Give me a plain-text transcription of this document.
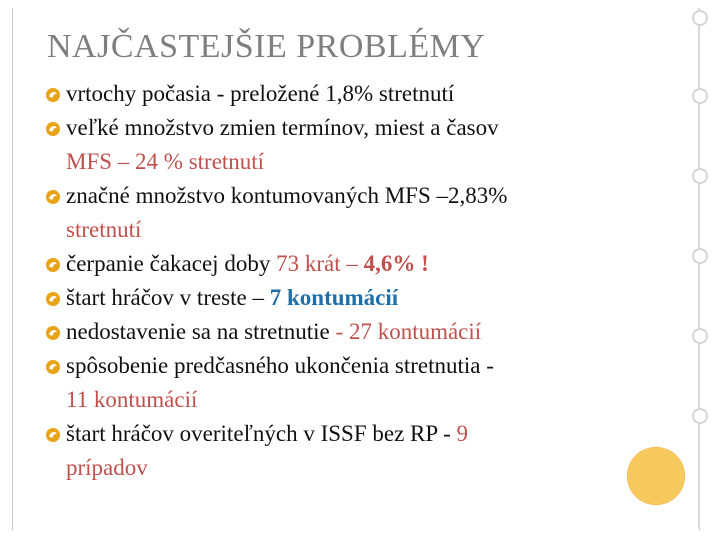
NAJČASTEJŠIE PROBLÉMY
vrtochy počasia - preložené 1,8% stretnutí
veľké množstvo zmien termínov, miest a časov
MFS – 24 % stretnutí
značné množstvo kontumovaných MFS –2,83%
stretnutí
čerpanie čakacej doby 73 krát – 4,6% !
štart hráčov v treste – 7 kontumácií
nedostavenie sa na stretnutie - 27 kontumácií
spôsobenie predčasného ukončenia stretnutia -
11 kontumácií
štart hráčov overiteľných v ISSF bez RP - 9
prípadov
